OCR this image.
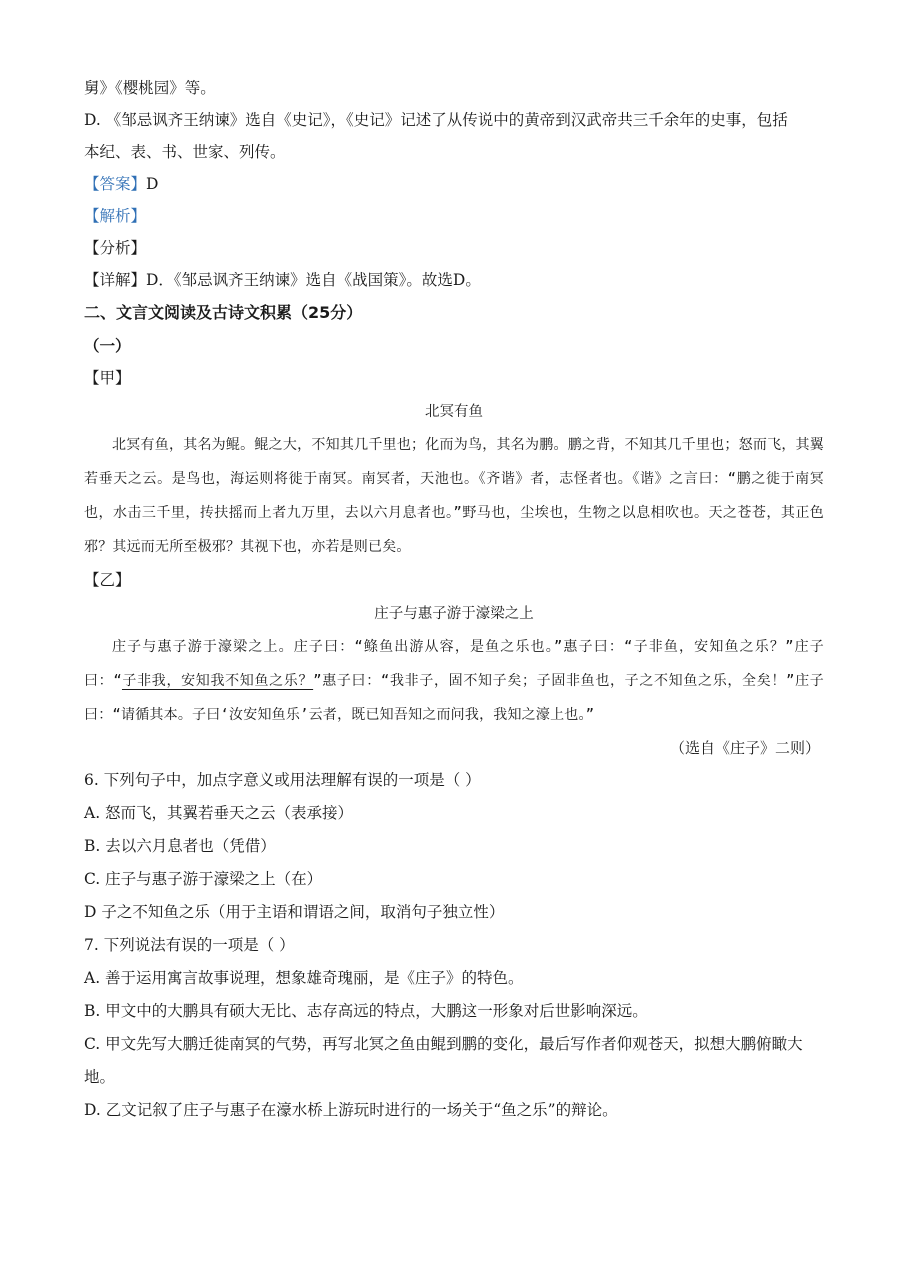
舅》《樱桃园》等。

D. 《邹忌讽齐王纳谏》选自《史记》，《史记》记述了从传说中的黄帝到汉武帝共三千余年的史事，包括

本纪、表、书、世家、列传。

【答案】D

【解析】

【分析】

【详解】D．《邹忌讽齐王纳谏》选自《战国策》。故选D。

二、文言文阅读及古诗文积累（25分）

（一）

【甲】

北冥有鱼

北冥有鱼，其名为鲲。鲲之大，不知其几千里也；化而为鸟，其名为鹏。鹏之背，不知其几千里也；怒而飞，其翼若垂天之云。是鸟也，海运则将徙于南冥。南冥者，天池也。《齐谐》者，志怪者也。《谐》之言曰：“鹏之徙于南冥也，水击三千里，抟扶摇而上者九万里，去以六月息者也。”野马也，尘埃也，生物之以息相吹也。天之苍苍，其正色邪？其远而无所至极邪？其视下也，亦若是则已矣。

【乙】

庄子与惠子游于濠梁之上

庄子与惠子游于濠梁之上。庄子曰：“鲦鱼出游从容，是鱼之乐也。”惠子曰：“子非鱼，安知鱼之乐？”庄子曰：“子非我，安知我不知鱼之乐？”惠子曰：“我非子，固不知子矣；子固非鱼也，子之不知鱼之乐，全矣！”庄子曰：“请循其本。子曰‘汝安知鱼乐’云者，既已知吾知之而问我，我知之濠上也。”

（选自《庄子》二则）

6. 下列句子中，加点字意义或用法理解有误的一项是（ ）

A. 怒而飞，其翼若垂天之云（表承接）

B. 去以六月息者也（凭借）

C. 庄子与惠子游于濠梁之上（在）

D 子之不知鱼之乐（用于主语和谓语之间，取消句子独立性）

7. 下列说法有误的一项是（ ）

A. 善于运用寓言故事说理，想象雄奇瑰丽，是《庄子》的特色。

B. 甲文中的大鹏具有硕大无比、志存高远的特点，大鹏这一形象对后世影响深远。

C. 甲文先写大鹏迁徙南冥的气势，再写北冥之鱼由鲲到鹏的变化，最后写作者仰观苍天，拟想大鹏俯瞰大地。

D. 乙文记叙了庄子与惠子在濠水桥上游玩时进行的一场关于“鱼之乐”的辩论。
